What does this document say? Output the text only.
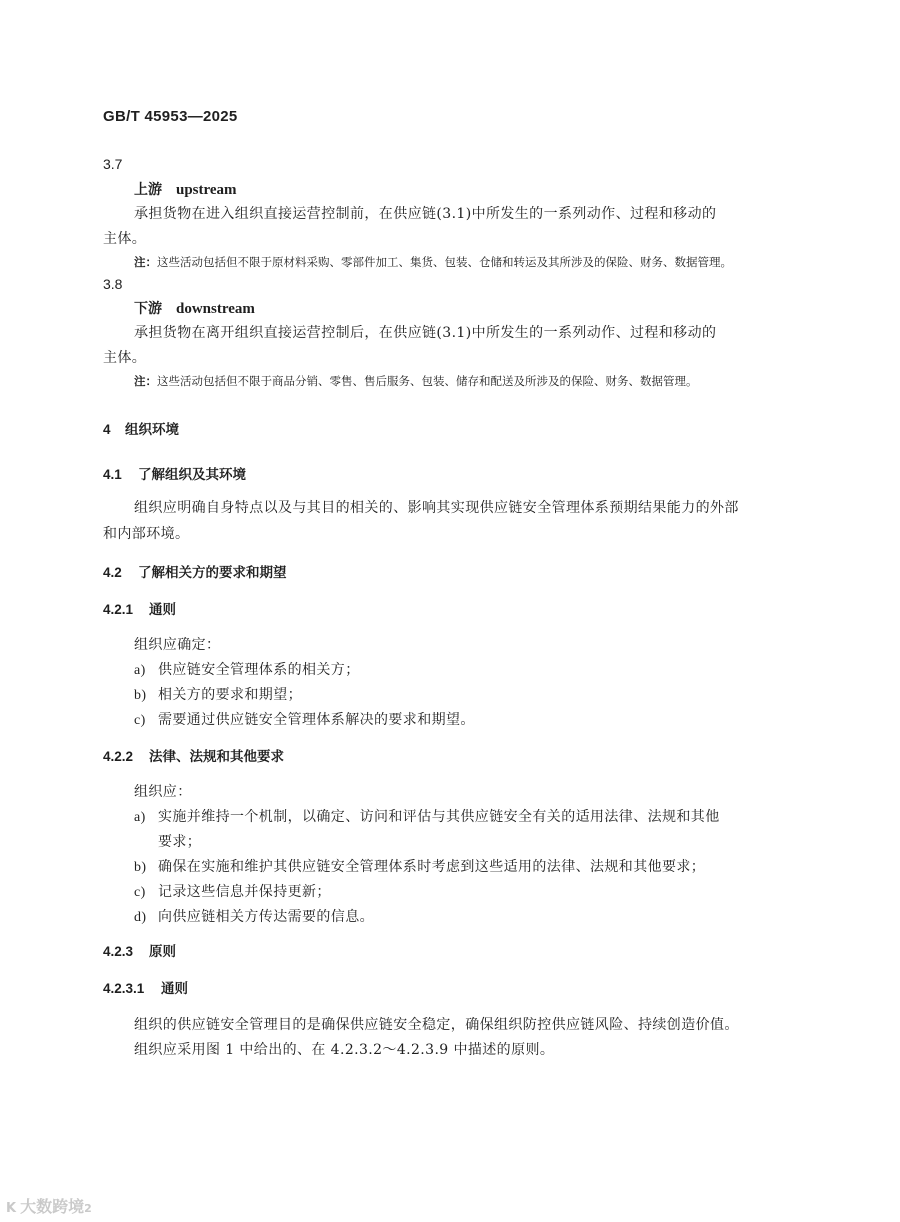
GB/T 45953—2025
3.7
上游 upstream
承担货物在进入组织直接运营控制前，在供应链(3.1)中所发生的一系列动作、过程和移动的
主体。
注：这些活动包括但不限于原材料采购、零部件加工、集货、包装、仓储和转运及其所涉及的保险、财务、数据管理。
3.8
下游 downstream
承担货物在离开组织直接运营控制后，在供应链(3.1)中所发生的一系列动作、过程和移动的
主体。
注：这些活动包括但不限于商品分销、零售、售后服务、包装、储存和配送及所涉及的保险、财务、数据管理。
4 组织环境
4.1 了解组织及其环境
组织应明确自身特点以及与其目的相关的、影响其实现供应链安全管理体系预期结果能力的外部
和内部环境。
4.2 了解相关方的要求和期望
4.2.1 通则
组织应确定：
a) 供应链安全管理体系的相关方；
b) 相关方的要求和期望；
c) 需要通过供应链安全管理体系解决的要求和期望。
4.2.2 法律、法规和其他要求
组织应：
a) 实施并维持一个机制，以确定、访问和评估与其供应链安全有关的适用法律、法规和其他
要求；
b) 确保在实施和维护其供应链安全管理体系时考虑到这些适用的法律、法规和其他要求；
c) 记录这些信息并保持更新；
d) 向供应链相关方传达需要的信息。
4.2.3 原则
4.2.3.1 通则
组织的供应链安全管理目的是确保供应链安全稳定，确保组织防控供应链风险、持续创造价值。
组织应采用图 1 中给出的、在 4.2.3.2～4.2.3.9 中描述的原则。
K 大数跨境2
